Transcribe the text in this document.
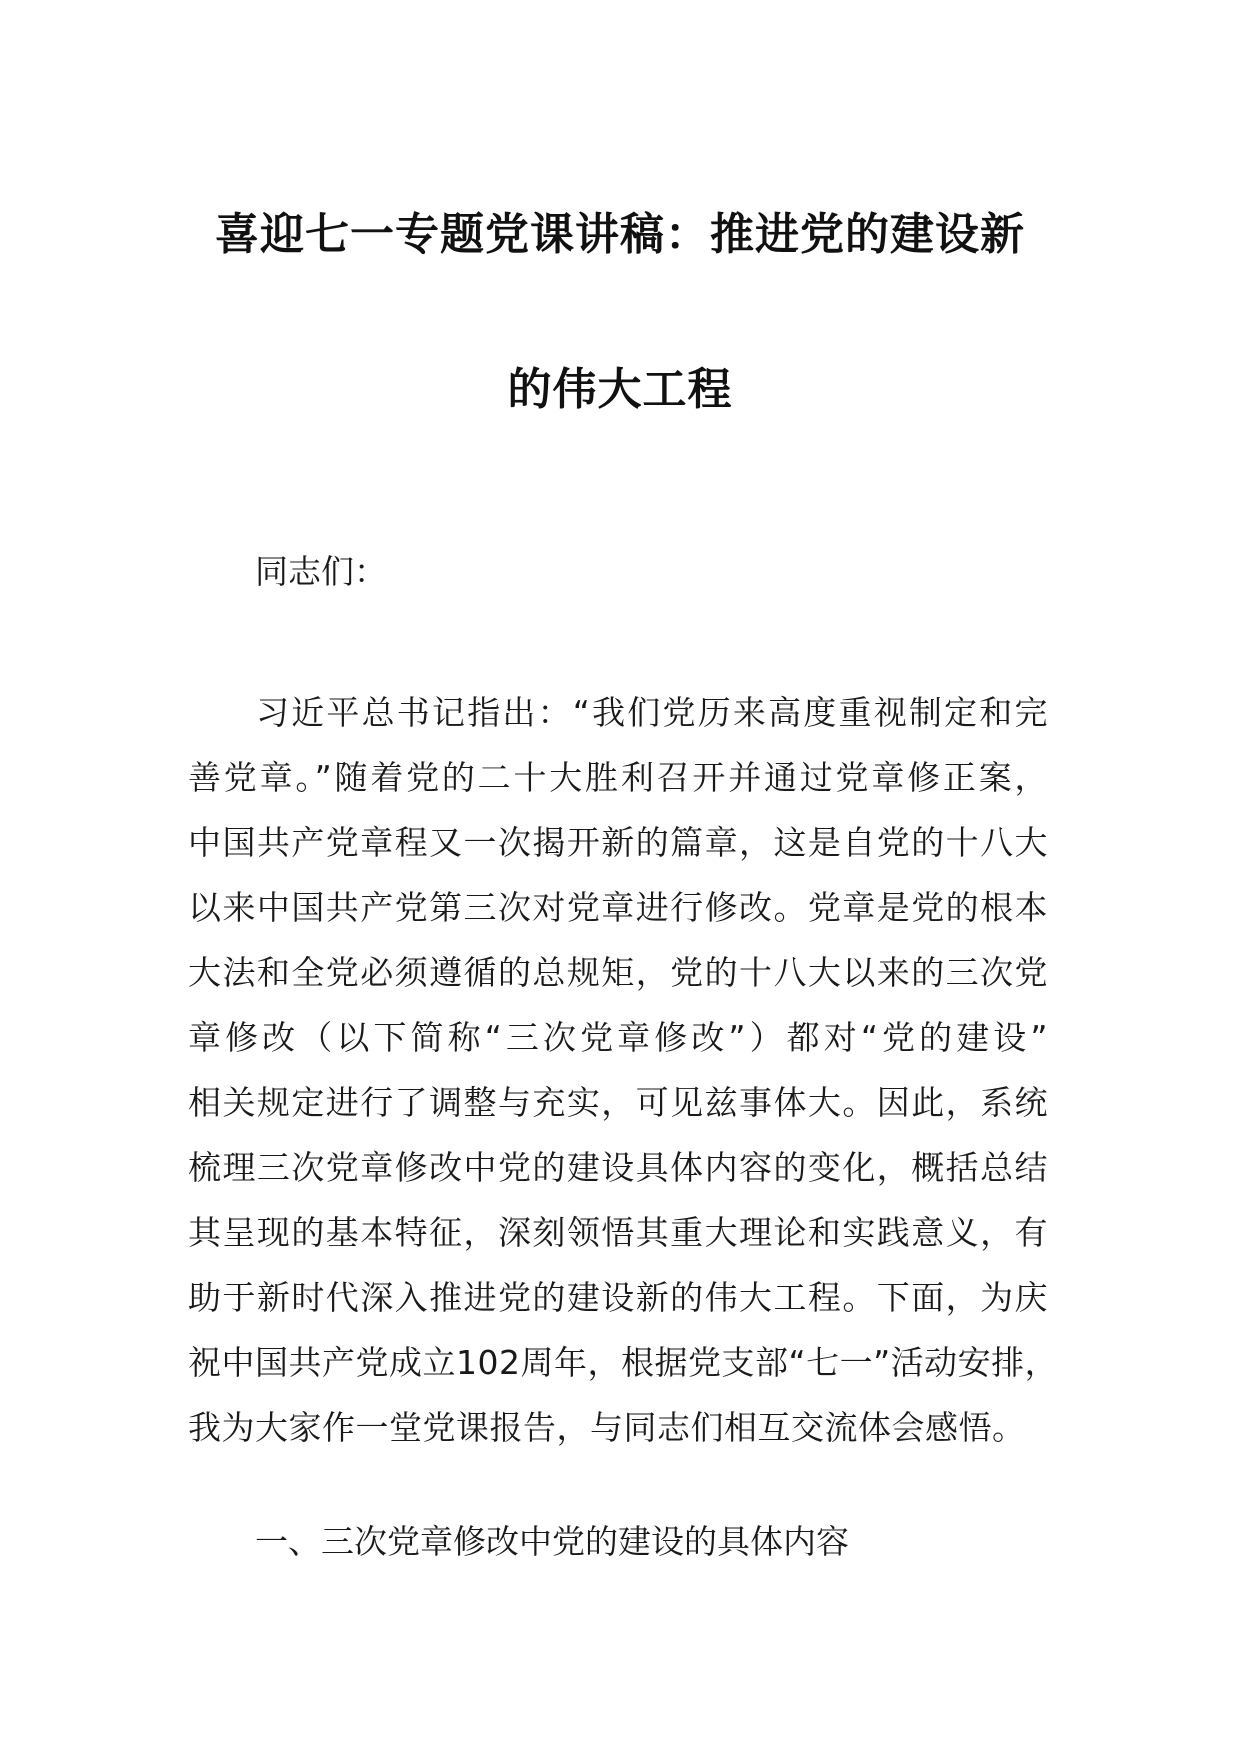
喜迎七一专题党课讲稿：推进党的建设新
的伟大工程
同志们：
习近平总书记指出：“我们党历来高度重视制定和完
善党章。”随着党的二十大胜利召开并通过党章修正案，
中国共产党章程又一次揭开新的篇章，这是自党的十八大
以来中国共产党第三次对党章进行修改。党章是党的根本
大法和全党必须遵循的总规矩，党的十八大以来的三次党
章修改（以下简称“三次党章修改”）都对“党的建设”
相关规定进行了调整与充实，可见兹事体大。因此，系统
梳理三次党章修改中党的建设具体内容的变化，概括总结
其呈现的基本特征，深刻领悟其重大理论和实践意义，有
助于新时代深入推进党的建设新的伟大工程。下面，为庆
祝中国共产党成立102周年，根据党支部“七一”活动安排，
我为大家作一堂党课报告，与同志们相互交流体会感悟。
一、三次党章修改中党的建设的具体内容
